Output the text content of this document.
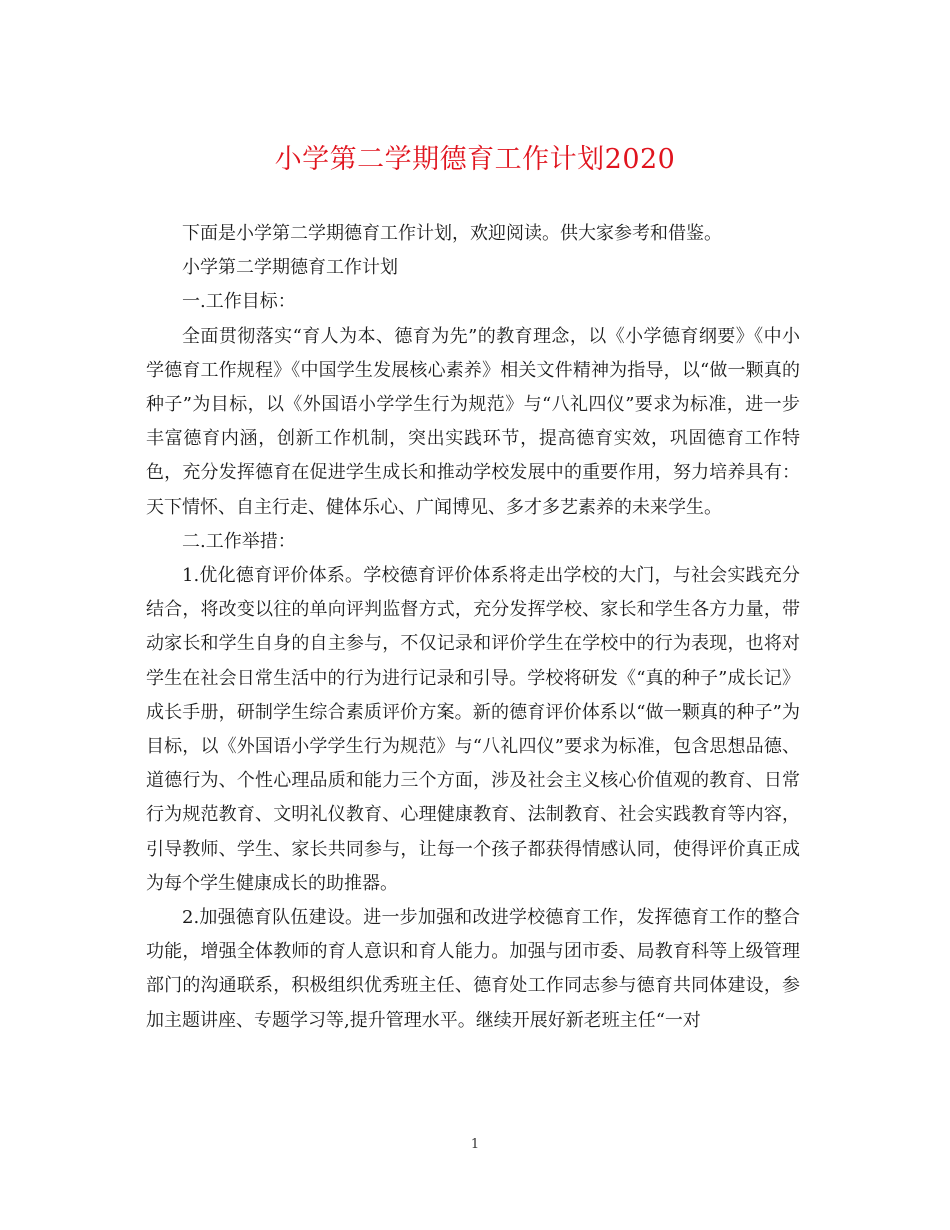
小学第二学期德育工作计划2020

下面是小学第二学期德育工作计划，欢迎阅读。供大家参考和借鉴。

小学第二学期德育工作计划

一.工作目标：

全面贯彻落实“育人为本、德育为先”的教育理念，以《小学德育纲要》《中小学德育工作规程》《中国学生发展核心素养》相关文件精神为指导，以“做一颗真的种子”为目标，以《外国语小学学生行为规范》与“八礼四仪”要求为标准，进一步丰富德育内涵，创新工作机制，突出实践环节，提高德育实效，巩固德育工作特色，充分发挥德育在促进学生成长和推动学校发展中的重要作用，努力培养具有：天下情怀、自主行走、健体乐心、广闻博见、多才多艺素养的未来学生。

二.工作举措：

1.优化德育评价体系。学校德育评价体系将走出学校的大门，与社会实践充分结合，将改变以往的单向评判监督方式，充分发挥学校、家长和学生各方力量，带动家长和学生自身的自主参与，不仅记录和评价学生在学校中的行为表现，也将对学生在社会日常生活中的行为进行记录和引导。学校将研发《“真的种子”成长记》成长手册，研制学生综合素质评价方案。新的德育评价体系以“做一颗真的种子”为目标，以《外国语小学学生行为规范》与“八礼四仪”要求为标准，包含思想品德、道德行为、个性心理品质和能力三个方面，涉及社会主义核心价值观的教育、日常行为规范教育、文明礼仪教育、心理健康教育、法制教育、社会实践教育等内容，引导教师、学生、家长共同参与，让每一个孩子都获得情感认同，使得评价真正成为每个学生健康成长的助推器。

2.加强德育队伍建设。进一步加强和改进学校德育工作，发挥德育工作的整合功能，增强全体教师的育人意识和育人能力。加强与团市委、局教育科等上级管理部门的沟通联系，积极组织优秀班主任、德育处工作同志参与德育共同体建设，参加主题讲座、专题学习等,提升管理水平。继续开展好新老班主任“一对

1
